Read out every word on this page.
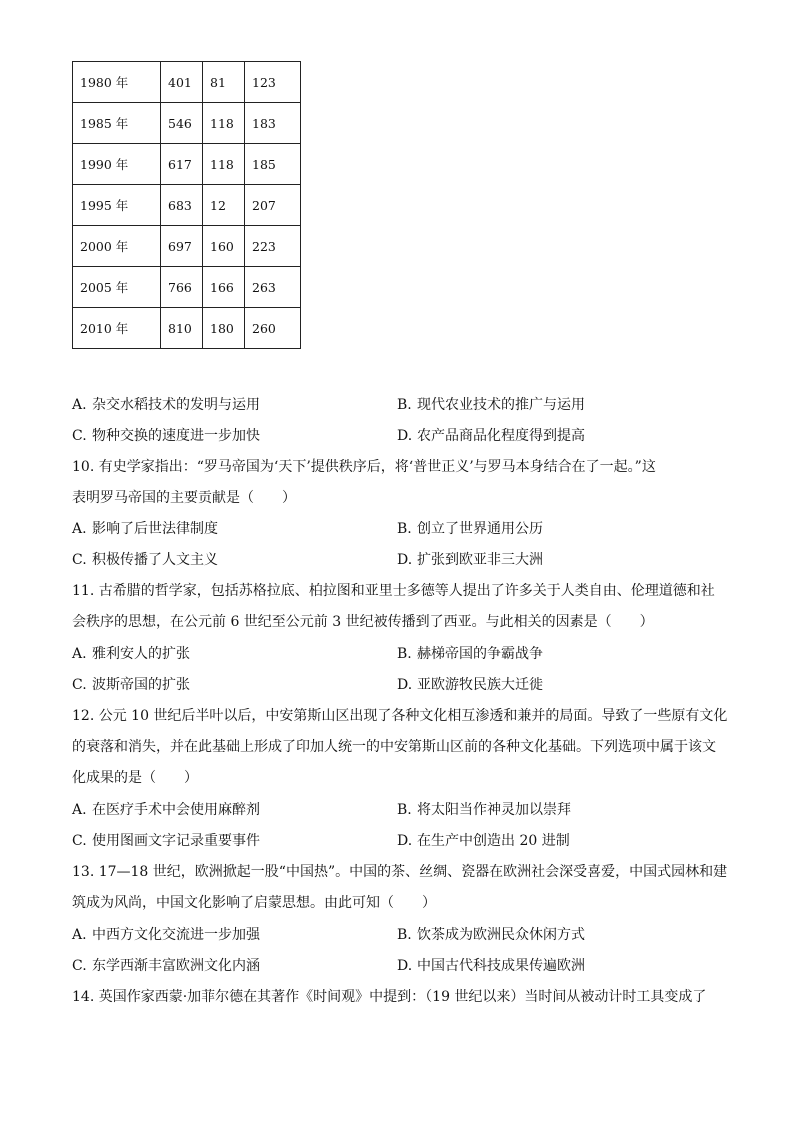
1980 年	401	81	123
1985 年	546	118	183
1990 年	617	118	185
1995 年	683	12	207
2000 年	697	160	223
2005 年	766	166	263
2010 年	810	180	260
A. 杂交水稻技术的发明与运用	B. 现代农业技术的推广与运用
C. 物种交换的速度进一步加快	D. 农产品商品化程度得到提高
10. 有史学家指出：“罗马帝国为‘天下’提供秩序后，将‘普世正义’与罗马本身结合在了一起。”这
表明罗马帝国的主要贡献是（　　）
A. 影响了后世法律制度	B. 创立了世界通用公历
C. 积极传播了人文主义	D. 扩张到欧亚非三大洲
11. 古希腊的哲学家，包括苏格拉底、柏拉图和亚里士多德等人提出了许多关于人类自由、伦理道德和社
会秩序的思想，在公元前 6 世纪至公元前 3 世纪被传播到了西亚。与此相关的因素是（　　）
A. 雅利安人的扩张	B. 赫梯帝国的争霸战争
C. 波斯帝国的扩张	D. 亚欧游牧民族大迁徙
12. 公元 10 世纪后半叶以后，中安第斯山区出现了各种文化相互渗透和兼并的局面。导致了一些原有文化
的衰落和消失，并在此基础上形成了印加人统一的中安第斯山区前的各种文化基础。下列选项中属于该文
化成果的是（　　）
A. 在医疗手术中会使用麻醉剂	B. 将太阳当作神灵加以崇拜
C. 使用图画文字记录重要事件	D. 在生产中创造出 20 进制
13. 17—18 世纪，欧洲掀起一股“中国热”。中国的茶、丝绸、瓷器在欧洲社会深受喜爱，中国式园林和建
筑成为风尚，中国文化影响了启蒙思想。由此可知（　　）
A. 中西方文化交流进一步加强	B. 饮茶成为欧洲民众休闲方式
C. 东学西渐丰富欧洲文化内涵	D. 中国古代科技成果传遍欧洲
14. 英国作家西蒙·加菲尔德在其著作《时间观》中提到：（19 世纪以来）当时间从被动计时工具变成了
